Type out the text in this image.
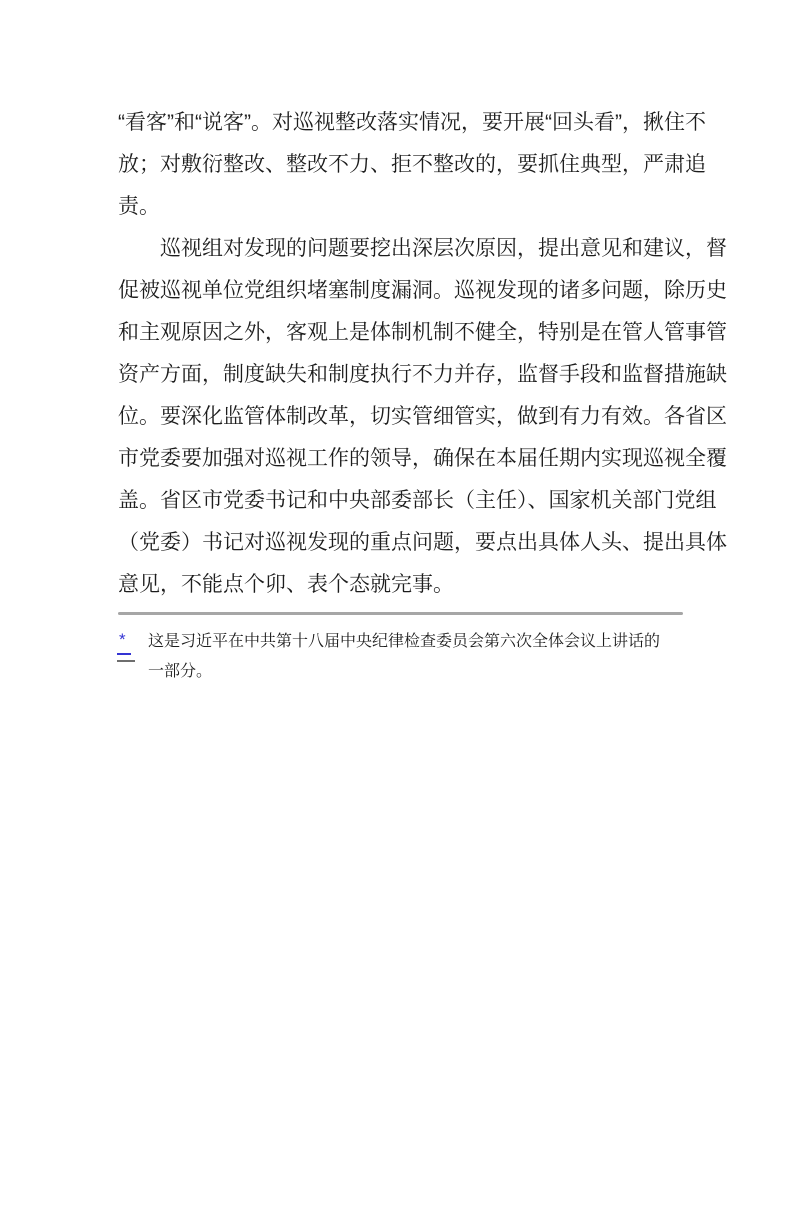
“看客”和“说客”。对巡视整改落实情况，要开展“回头看”，揪住不
放；对敷衍整改、整改不力、拒不整改的，要抓住典型，严肃追
责。
　　巡视组对发现的问题要挖出深层次原因，提出意见和建议，督
促被巡视单位党组织堵塞制度漏洞。巡视发现的诸多问题，除历史
和主观原因之外，客观上是体制机制不健全，特别是在管人管事管
资产方面，制度缺失和制度执行不力并存，监督手段和监督措施缺
位。要深化监管体制改革，切实管细管实，做到有力有效。各省区
市党委要加强对巡视工作的领导，确保在本届任期内实现巡视全覆
盖。省区市党委书记和中央部委部长（主任）、国家机关部门党组
（党委）书记对巡视发现的重点问题，要点出具体人头、提出具体
意见，不能点个卯、表个态就完事。
*	这是习近平在中共第十八届中央纪律检查委员会第六次全体会议上讲话的
一部分。
